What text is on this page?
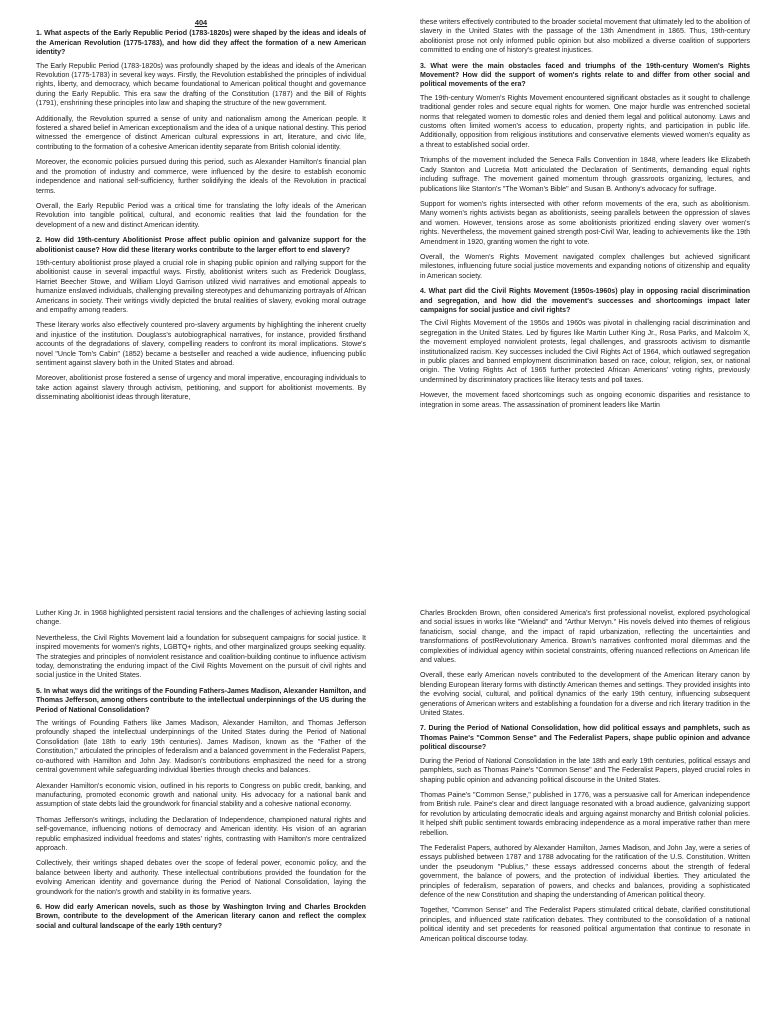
404

1. What aspects of the Early Republic Period (1783-1820s) were shaped by the ideas and ideals of the American Revolution (1775-1783), and how did they affect the formation of a new American identity?

The Early Republic Period (1783-1820s) was profoundly shaped by the ideas and ideals of the American Revolution (1775-1783) in several key ways. Firstly, the Revolution established the principles of individual rights, liberty, and democracy, which became foundational to American political thought and governance during the Early Republic. This era saw the drafting of the Constitution (1787) and the Bill of Rights (1791), enshrining these principles into law and shaping the structure of the new government.

Additionally, the Revolution spurred a sense of unity and nationalism among the American people. It fostered a shared belief in American exceptionalism and the idea of a unique national destiny. This period witnessed the emergence of distinct American cultural expressions in art, literature, and civic life, contributing to the formation of a cohesive American identity separate from British colonial identity.

Moreover, the economic policies pursued during this period, such as Alexander Hamilton's financial plan and the promotion of industry and commerce, were influenced by the desire to establish economic independence and national self-sufficiency, further solidifying the ideals of the Revolution in practical terms.

Overall, the Early Republic Period was a critical time for translating the lofty ideals of the American Revolution into tangible political, cultural, and economic realities that laid the foundation for the development of a new and distinct American identity.

2. How did 19th-century Abolitionist Prose affect public opinion and galvanize support for the abolitionist cause? How did these literary works contribute to the larger effort to end slavery?

19th-century abolitionist prose played a crucial role in shaping public opinion and rallying support for the abolitionist cause in several impactful ways. Firstly, abolitionist writers such as Frederick Douglass, Harriet Beecher Stowe, and William Lloyd Garrison utilized vivid narratives and emotional appeals to humanize enslaved individuals, challenging prevailing stereotypes and dehumanizing portrayals of African Americans in society. Their writings vividly depicted the brutal realities of slavery, evoking moral outrage and empathy among readers.

These literary works also effectively countered pro-slavery arguments by highlighting the inherent cruelty and injustice of the institution. Douglass's autobiographical narratives, for instance, provided firsthand accounts of the degradations of slavery, compelling readers to confront its moral implications. Stowe's novel "Uncle Tom's Cabin" (1852) became a bestseller and reached a wide audience, influencing public sentiment against slavery both in the United States and abroad.

Moreover, abolitionist prose fostered a sense of urgency and moral imperative, encouraging individuals to take action against slavery through activism, petitioning, and support for abolitionist movements. By disseminating abolitionist ideas through literature,

these writers effectively contributed to the broader societal movement that ultimately led to the abolition of slavery in the United States with the passage of the 13th Amendment in 1865. Thus, 19th-century abolitionist prose not only informed public opinion but also mobilized a diverse coalition of supporters committed to ending one of history's greatest injustices.

3. What were the main obstacles faced and triumphs of the 19th-century Women's Rights Movement? How did the support of women's rights relate to and differ from other social and political movements of the era?

The 19th-century Women's Rights Movement encountered significant obstacles as it sought to challenge traditional gender roles and secure equal rights for women. One major hurdle was entrenched societal norms that relegated women to domestic roles and denied them legal and political autonomy. Laws and customs often limited women's access to education, property rights, and participation in public life. Additionally, opposition from religious institutions and conservative elements viewed women's equality as a threat to established social order.

Triumphs of the movement included the Seneca Falls Convention in 1848, where leaders like Elizabeth Cady Stanton and Lucretia Mott articulated the Declaration of Sentiments, demanding equal rights including suffrage. The movement gained momentum through grassroots organizing, lectures, and publications like Stanton's "The Woman's Bible" and Susan B. Anthony's advocacy for suffrage.

Support for women's rights intersected with other reform movements of the era, such as abolitionism. Many women's rights activists began as abolitionists, seeing parallels between the oppression of slaves and women. However, tensions arose as some abolitionists prioritized ending slavery over women's rights. Nevertheless, the movement gained strength post-Civil War, leading to achievements like the 19th Amendment in 1920, granting women the right to vote.

Overall, the Women's Rights Movement navigated complex challenges but achieved significant milestones, influencing future social justice movements and expanding notions of citizenship and equality in American society.

4. What part did the Civil Rights Movement (1950s-1960s) play in opposing racial discrimination and segregation, and how did the movement's successes and shortcomings impact later campaigns for social justice and civil rights?

The Civil Rights Movement of the 1950s and 1960s was pivotal in challenging racial discrimination and segregation in the United States. Led by figures like Martin Luther King Jr., Rosa Parks, and Malcolm X, the movement employed nonviolent protests, legal challenges, and grassroots activism to dismantle institutionalized racism. Key successes included the Civil Rights Act of 1964, which outlawed segregation in public places and banned employment discrimination based on race, colour, religion, sex, or national origin. The Voting Rights Act of 1965 further protected African Americans' voting rights, previously undermined by discriminatory practices like literacy tests and poll taxes.

However, the movement faced shortcomings such as ongoing economic disparities and resistance to integration in some areas. The assassination of prominent leaders like Martin

Luther King Jr. in 1968 highlighted persistent racial tensions and the challenges of achieving lasting social change.

Nevertheless, the Civil Rights Movement laid a foundation for subsequent campaigns for social justice. It inspired movements for women's rights, LGBTQ+ rights, and other marginalized groups seeking equality. The strategies and principles of nonviolent resistance and coalition-building continue to influence activism today, demonstrating the enduring impact of the Civil Rights Movement on the pursuit of civil rights and social justice in the United States.

5. In what ways did the writings of the Founding Fathers-James Madison, Alexander Hamilton, and Thomas Jefferson, among others contribute to the intellectual underpinnings of the US during the Period of National Consolidation?

The writings of Founding Fathers like James Madison, Alexander Hamilton, and Thomas Jefferson profoundly shaped the intellectual underpinnings of the United States during the Period of National Consolidation (late 18th to early 19th centuries). James Madison, known as the "Father of the Constitution," articulated the principles of federalism and a balanced government in the Federalist Papers, co-authored with Hamilton and John Jay. Madison's contributions emphasized the need for a strong central government while safeguarding individual liberties through checks and balances.

Alexander Hamilton's economic vision, outlined in his reports to Congress on public credit, banking, and manufacturing, promoted economic growth and national unity. His advocacy for a national bank and assumption of state debts laid the groundwork for financial stability and a cohesive national economy.

Thomas Jefferson's writings, including the Declaration of Independence, championed natural rights and self-governance, influencing notions of democracy and American identity. His vision of an agrarian republic emphasized individual freedoms and states' rights, contrasting with Hamilton's more centralized approach.

Collectively, their writings shaped debates over the scope of federal power, economic policy, and the balance between liberty and authority. These intellectual contributions provided the foundation for the evolving American identity and governance during the Period of National Consolidation, laying the groundwork for the nation's growth and stability in its formative years.

6. How did early American novels, such as those by Washington Irving and Charles Brockden Brown, contribute to the development of the American literary canon and reflect the complex social and cultural landscape of the early 19th century?

Charles Brockden Brown, often considered America's first professional novelist, explored psychological and social issues in works like "Wieland" and "Arthur Mervyn." His novels delved into themes of religious fanaticism, social change, and the impact of rapid urbanization, reflecting the uncertainties and transformations of postRevolutionary America. Brown's narratives confronted moral dilemmas and the complexities of individual agency within societal constraints, offering nuanced reflections on American life and values.

Overall, these early American novels contributed to the development of the American literary canon by blending European literary forms with distinctly American themes and settings. They provided insights into the evolving social, cultural, and political dynamics of the early 19th century, influencing subsequent generations of American writers and establishing a foundation for a diverse and rich literary tradition in the United States.

7. During the Period of National Consolidation, how did political essays and pamphlets, such as Thomas Paine's "Common Sense" and The Federalist Papers, shape public opinion and advance political discourse?

During the Period of National Consolidation in the late 18th and early 19th centuries, political essays and pamphlets, such as Thomas Paine's "Common Sense" and The Federalist Papers, played crucial roles in shaping public opinion and advancing political discourse in the United States.

Thomas Paine's "Common Sense," published in 1776, was a persuasive call for American independence from British rule. Paine's clear and direct language resonated with a broad audience, galvanizing support for revolution by articulating democratic ideals and arguing against monarchy and British colonial policies. It helped shift public sentiment towards embracing independence as a moral imperative rather than mere rebellion.

The Federalist Papers, authored by Alexander Hamilton, James Madison, and John Jay, were a series of essays published between 1787 and 1788 advocating for the ratification of the U.S. Constitution. Written under the pseudonym "Publius," these essays addressed concerns about the strength of federal government, the balance of powers, and the protection of individual liberties. They articulated the principles of federalism, separation of powers, and checks and balances, providing a sophisticated defence of the new Constitution and shaping the understanding of American political theory.

Together, "Common Sense" and The Federalist Papers stimulated critical debate, clarified constitutional principles, and influenced state ratification debates. They contributed to the consolidation of a national political identity and set precedents for reasoned political argumentation that continue to resonate in American political discourse today.
